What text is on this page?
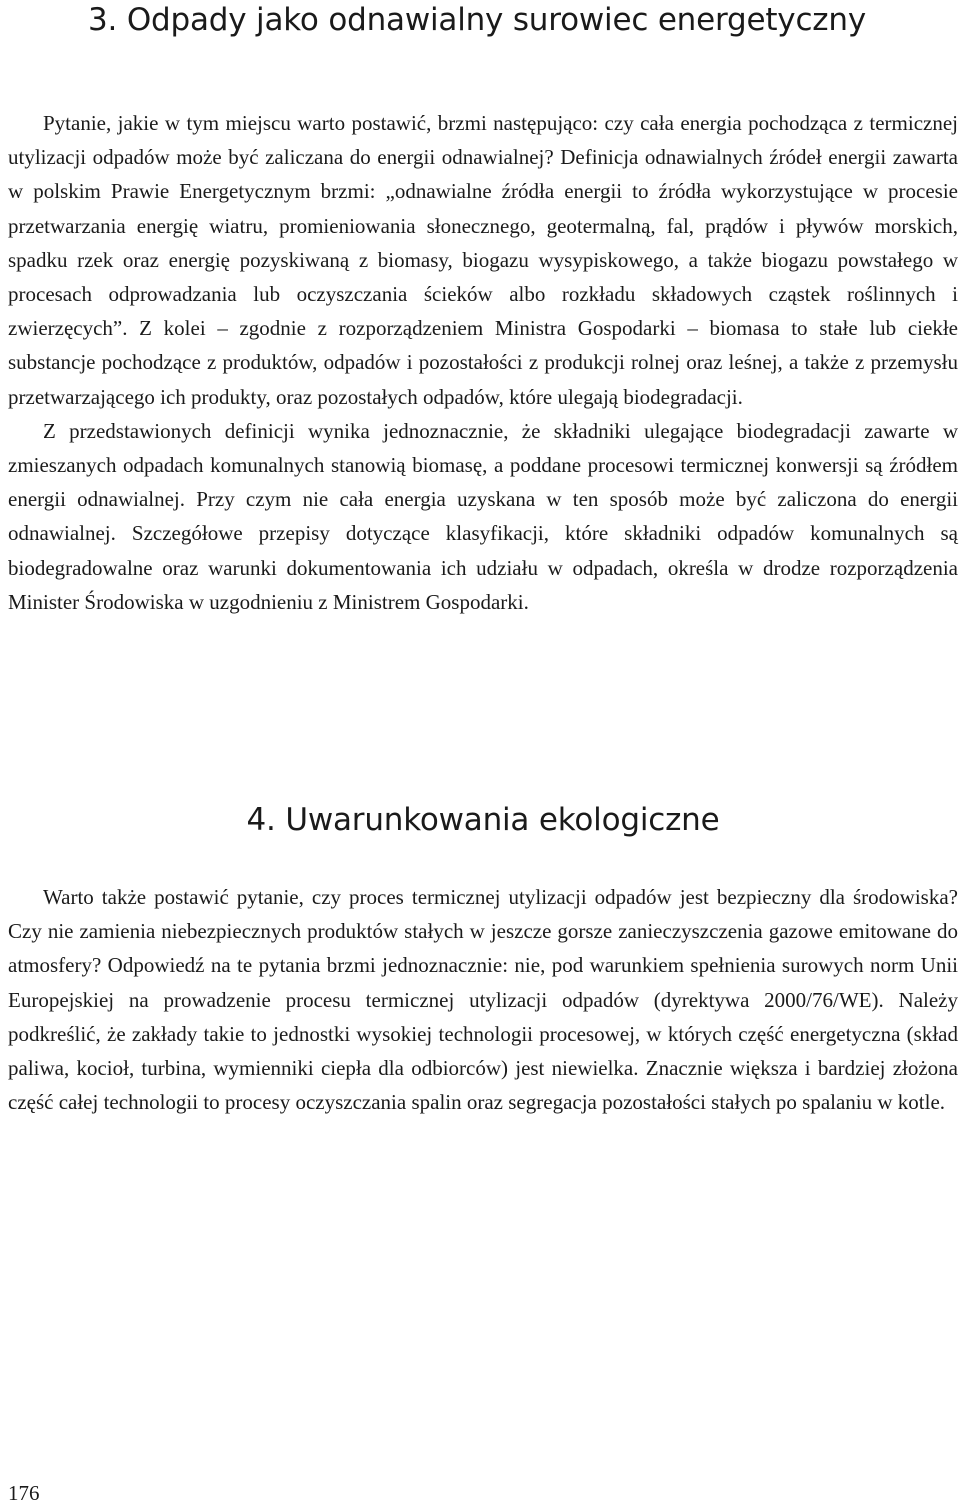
3. Odpady jako odnawialny surowiec energetyczny

Pytanie, jakie w tym miejscu warto postawić, brzmi następująco: czy cała energia pochodząca z termicznej utylizacji odpadów może być zaliczana do energii odnawialnej? Definicja odnawialnych źródeł energii zawarta w polskim Prawie Energetycznym brzmi: „odnawialne źródła energii to źródła wykorzystujące w procesie przetwarzania energię wiatru, promieniowania słonecznego, geotermalną, fal, prądów i pływów morskich, spadku rzek oraz energię pozyskiwaną z biomasy, biogazu wysypiskowego, a także biogazu powstałego w procesach odprowadzania lub oczyszczania ścieków albo rozkładu składowych cząstek roślinnych i zwierzęcych”. Z kolei – zgodnie z rozporządzeniem Ministra Gospodarki – biomasa to stałe lub ciekłe substancje pochodzące z produktów, odpadów i pozostałości z produkcji rolnej oraz leśnej, a także z przemysłu przetwarzającego ich produkty, oraz pozostałych odpadów, które ulegają biodegradacji.

Z przedstawionych definicji wynika jednoznacznie, że składniki ulegające biodegradacji zawarte w zmieszanych odpadach komunalnych stanowią biomasę, a poddane procesowi termicznej konwersji są źródłem energii odnawialnej. Przy czym nie cała energia uzyskana w ten sposób może być zaliczona do energii odnawialnej. Szczegółowe przepisy dotyczące klasyfikacji, które składniki odpadów komunalnych są biodegradowalne oraz warunki dokumentowania ich udziału w odpadach, określa w drodze rozporządzenia Minister Środowiska w uzgodnieniu z Ministrem Gospodarki.

4. Uwarunkowania ekologiczne

Warto także postawić pytanie, czy proces termicznej utylizacji odpadów jest bezpieczny dla środowiska? Czy nie zamienia niebezpiecznych produktów stałych w jeszcze gorsze zanieczyszczenia gazowe emitowane do atmosfery? Odpowiedź na te pytania brzmi jednoznacznie: nie, pod warunkiem spełnienia surowych norm Unii Europejskiej na prowadzenie procesu termicznej utylizacji odpadów (dyrektywa 2000/76/WE). Należy podkreślić, że zakłady takie to jednostki wysokiej technologii procesowej, w których część energetyczna (skład paliwa, kocioł, turbina, wymienniki ciepła dla odbiorców) jest niewielka. Znacznie większa i bardziej złożona część całej technologii to procesy oczyszczania spalin oraz segregacja pozostałości stałych po spalaniu w kotle.

176
